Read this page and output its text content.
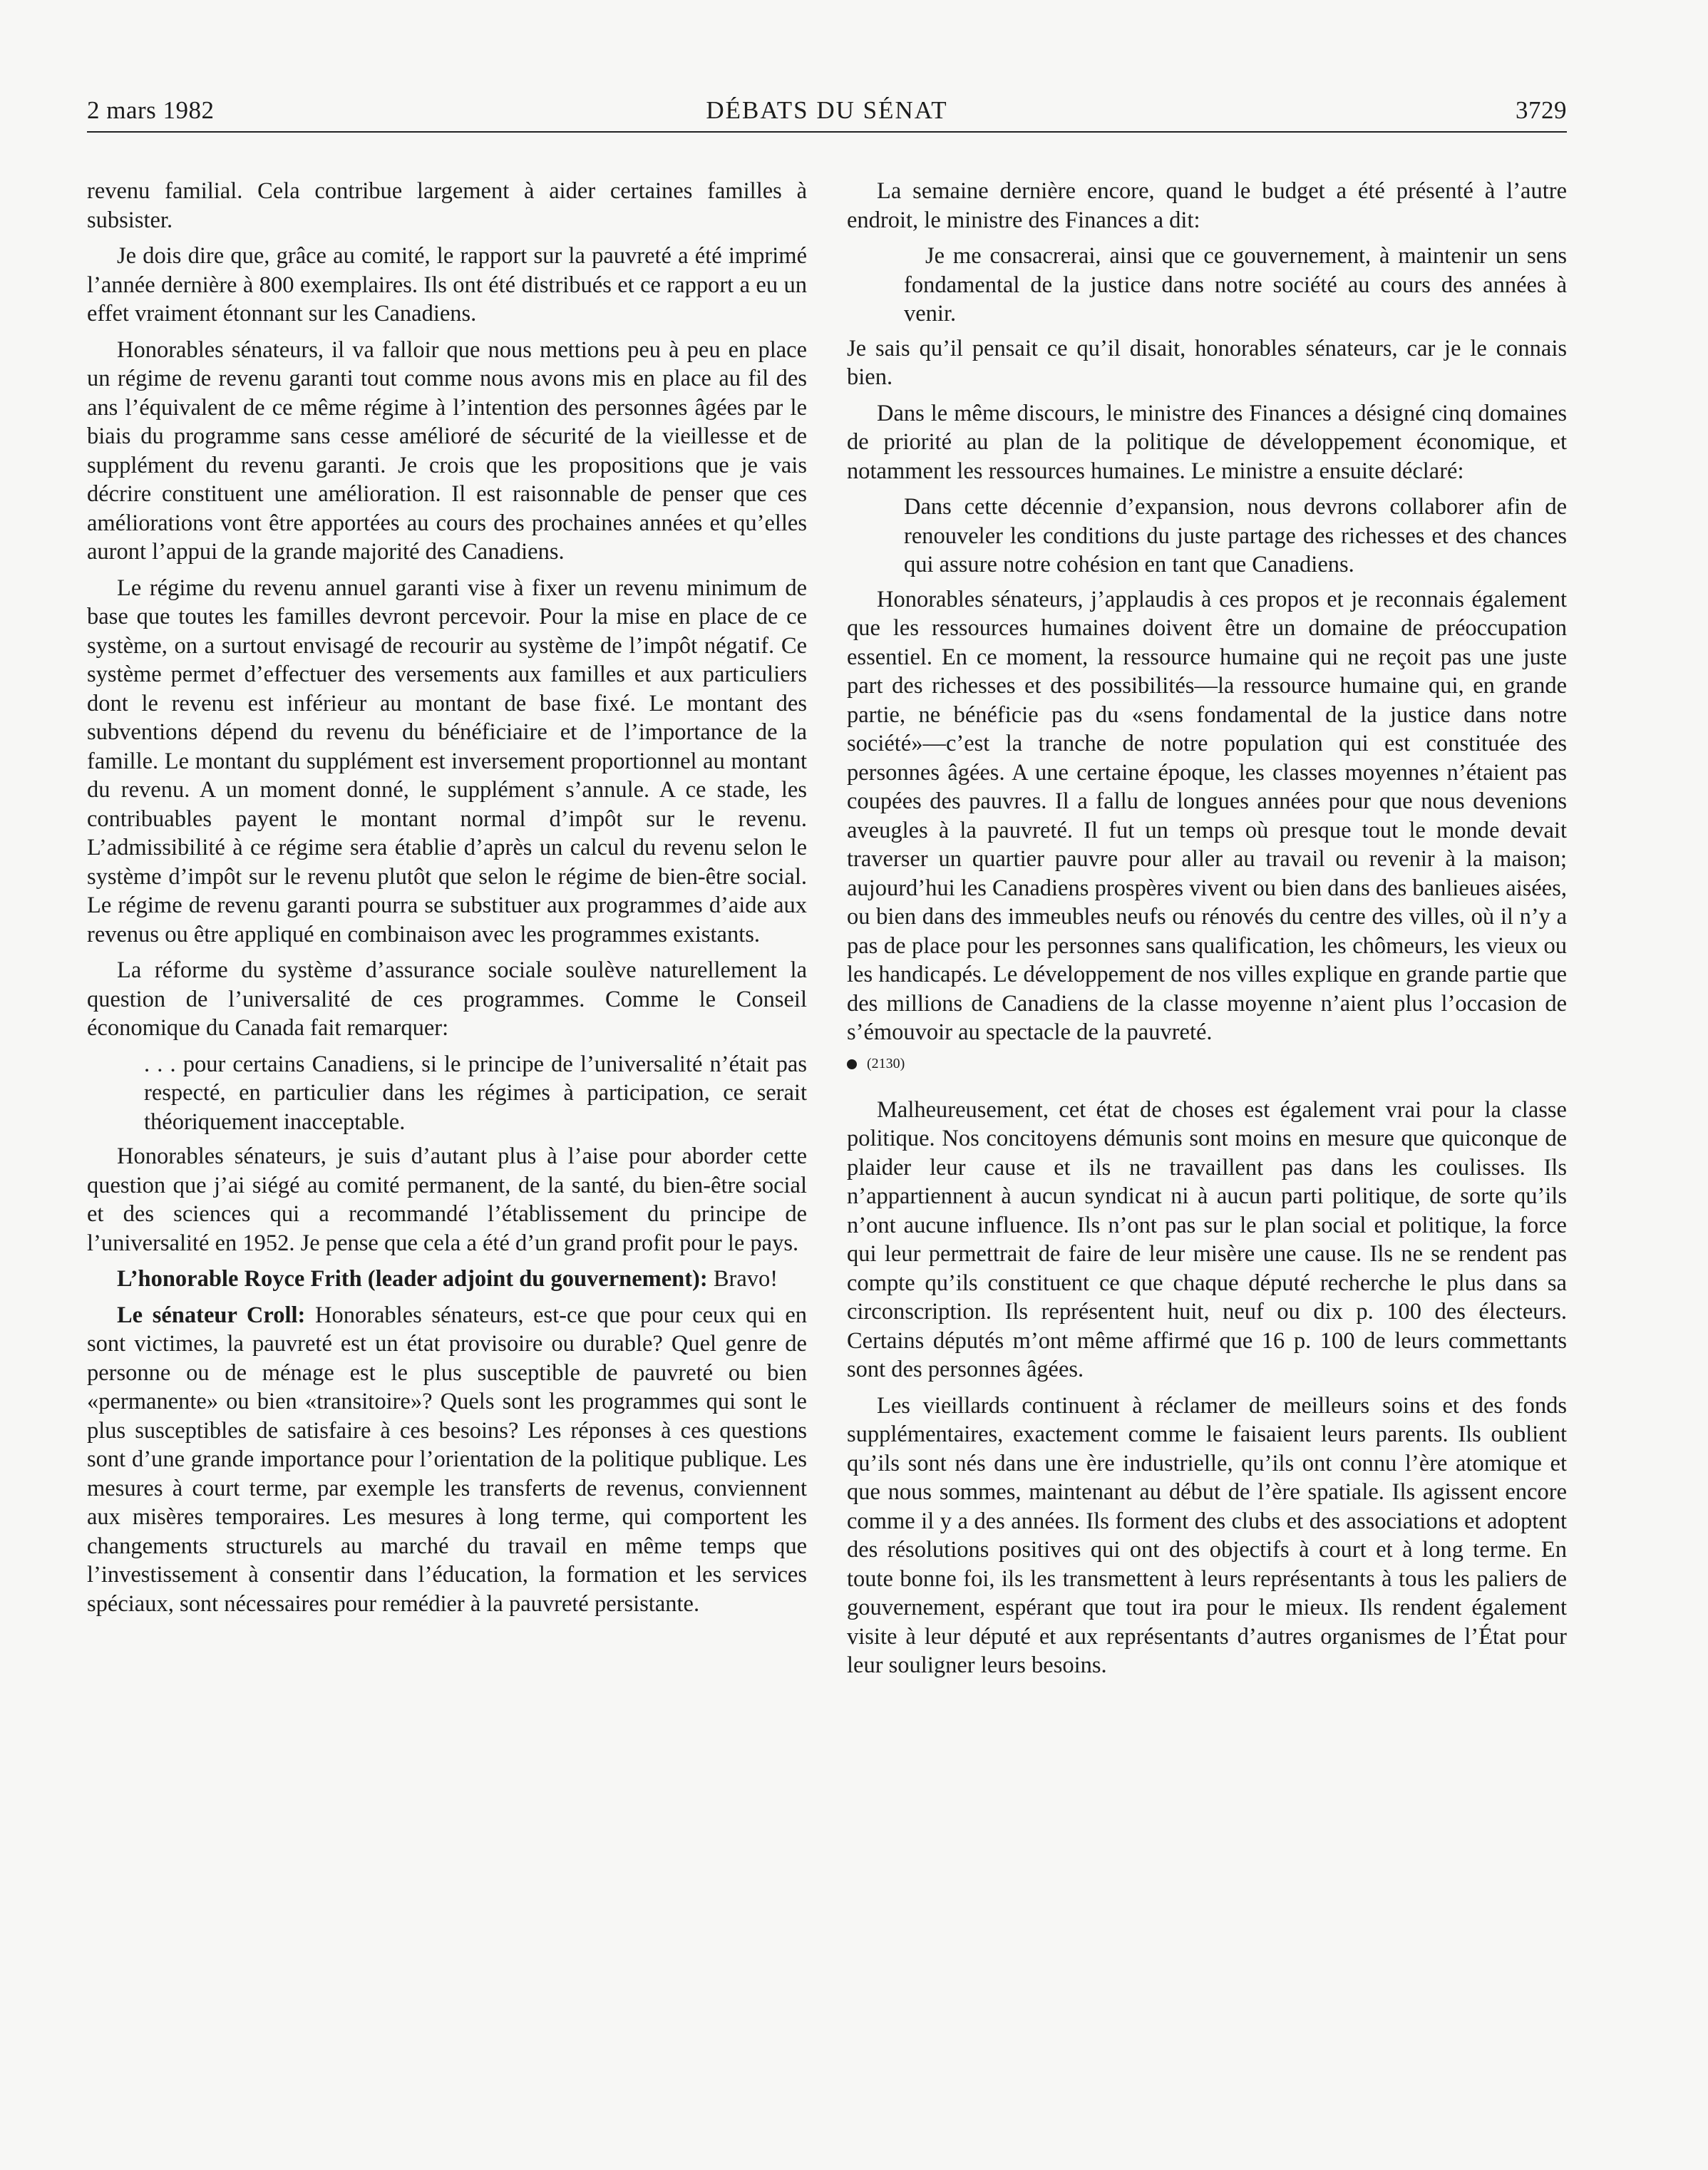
2 mars 1982	DÉBATS DU SÉNAT	3729

revenu familial. Cela contribue largement à aider certaines familles à subsister.

Je dois dire que, grâce au comité, le rapport sur la pauvreté a été imprimé l’année dernière à 800 exemplaires. Ils ont été distribués et ce rapport a eu un effet vraiment étonnant sur les Canadiens.

Honorables sénateurs, il va falloir que nous mettions peu à peu en place un régime de revenu garanti tout comme nous avons mis en place au fil des ans l’équivalent de ce même régime à l’intention des personnes âgées par le biais du programme sans cesse amélioré de sécurité de la vieillesse et de supplément du revenu garanti. Je crois que les propositions que je vais décrire constituent une amélioration. Il est raisonnable de penser que ces améliorations vont être apportées au cours des prochaines années et qu’elles auront l’appui de la grande majorité des Canadiens.

Le régime du revenu annuel garanti vise à fixer un revenu minimum de base que toutes les familles devront percevoir. Pour la mise en place de ce système, on a surtout envisagé de recourir au système de l’impôt négatif. Ce système permet d’effectuer des versements aux familles et aux particuliers dont le revenu est inférieur au montant de base fixé. Le montant des subventions dépend du revenu du bénéficiaire et de l’importance de la famille. Le montant du supplément est inversement proportionnel au montant du revenu. A un moment donné, le supplément s’annule. A ce stade, les contribuables payent le montant normal d’impôt sur le revenu. L’admissibilité à ce régime sera établie d’après un calcul du revenu selon le système d’impôt sur le revenu plutôt que selon le régime de bien-être social. Le régime de revenu garanti pourra se substituer aux programmes d’aide aux revenus ou être appliqué en combinaison avec les programmes existants.

La réforme du système d’assurance sociale soulève naturellement la question de l’universalité de ces programmes. Comme le Conseil économique du Canada fait remarquer:

. . . pour certains Canadiens, si le principe de l’universalité n’était pas respecté, en particulier dans les régimes à participation, ce serait théoriquement inacceptable.

Honorables sénateurs, je suis d’autant plus à l’aise pour aborder cette question que j’ai siégé au comité permanent, de la santé, du bien-être social et des sciences qui a recommandé l’établissement du principe de l’universalité en 1952. Je pense que cela a été d’un grand profit pour le pays.

L’honorable Royce Frith (leader adjoint du gouvernement): Bravo!

Le sénateur Croll: Honorables sénateurs, est-ce que pour ceux qui en sont victimes, la pauvreté est un état provisoire ou durable? Quel genre de personne ou de ménage est le plus susceptible de pauvreté ou bien «permanente» ou bien «transitoire»? Quels sont les programmes qui sont le plus susceptibles de satisfaire à ces besoins? Les réponses à ces questions sont d’une grande importance pour l’orientation de la politique publique. Les mesures à court terme, par exemple les transferts de revenus, conviennent aux misères temporaires. Les mesures à long terme, qui comportent les changements structurels au marché du travail en même temps que l’investissement à consentir dans l’éducation, la formation et les services spéciaux, sont nécessaires pour remédier à la pauvreté persistante.

La semaine dernière encore, quand le budget a été présenté à l’autre endroit, le ministre des Finances a dit:

Je me consacrerai, ainsi que ce gouvernement, à maintenir un sens fondamental de la justice dans notre société au cours des années à venir.

Je sais qu’il pensait ce qu’il disait, honorables sénateurs, car je le connais bien.

Dans le même discours, le ministre des Finances a désigné cinq domaines de priorité au plan de la politique de développement économique, et notamment les ressources humaines. Le ministre a ensuite déclaré:

Dans cette décennie d’expansion, nous devrons collaborer afin de renouveler les conditions du juste partage des richesses et des chances qui assure notre cohésion en tant que Canadiens.

Honorables sénateurs, j’applaudis à ces propos et je reconnais également que les ressources humaines doivent être un domaine de préoccupation essentiel. En ce moment, la ressource humaine qui ne reçoit pas une juste part des richesses et des possibilités—la ressource humaine qui, en grande partie, ne bénéficie pas du «sens fondamental de la justice dans notre société»—c’est la tranche de notre population qui est constituée des personnes âgées. A une certaine époque, les classes moyennes n’étaient pas coupées des pauvres. Il a fallu de longues années pour que nous devenions aveugles à la pauvreté. Il fut un temps où presque tout le monde devait traverser un quartier pauvre pour aller au travail ou revenir à la maison; aujourd’hui les Canadiens prospères vivent ou bien dans des banlieues aisées, ou bien dans des immeubles neufs ou rénovés du centre des villes, où il n’y a pas de place pour les personnes sans qualification, les chômeurs, les vieux ou les handicapés. Le développement de nos villes explique en grande partie que des millions de Canadiens de la classe moyenne n’aient plus l’occasion de s’émouvoir au spectacle de la pauvreté.

(2130)

Malheureusement, cet état de choses est également vrai pour la classe politique. Nos concitoyens démunis sont moins en mesure que quiconque de plaider leur cause et ils ne travaillent pas dans les coulisses. Ils n’appartiennent à aucun syndicat ni à aucun parti politique, de sorte qu’ils n’ont aucune influence. Ils n’ont pas sur le plan social et politique, la force qui leur permettrait de faire de leur misère une cause. Ils ne se rendent pas compte qu’ils constituent ce que chaque député recherche le plus dans sa circonscription. Ils représentent huit, neuf ou dix p. 100 des électeurs. Certains députés m’ont même affirmé que 16 p. 100 de leurs commettants sont des personnes âgées.

Les vieillards continuent à réclamer de meilleurs soins et des fonds supplémentaires, exactement comme le faisaient leurs parents. Ils oublient qu’ils sont nés dans une ère industrielle, qu’ils ont connu l’ère atomique et que nous sommes, maintenant au début de l’ère spatiale. Ils agissent encore comme il y a des années. Ils forment des clubs et des associations et adoptent des résolutions positives qui ont des objectifs à court et à long terme. En toute bonne foi, ils les transmettent à leurs représentants à tous les paliers de gouvernement, espérant que tout ira pour le mieux. Ils rendent également visite à leur député et aux représentants d’autres organismes de l’État pour leur souligner leurs besoins.
